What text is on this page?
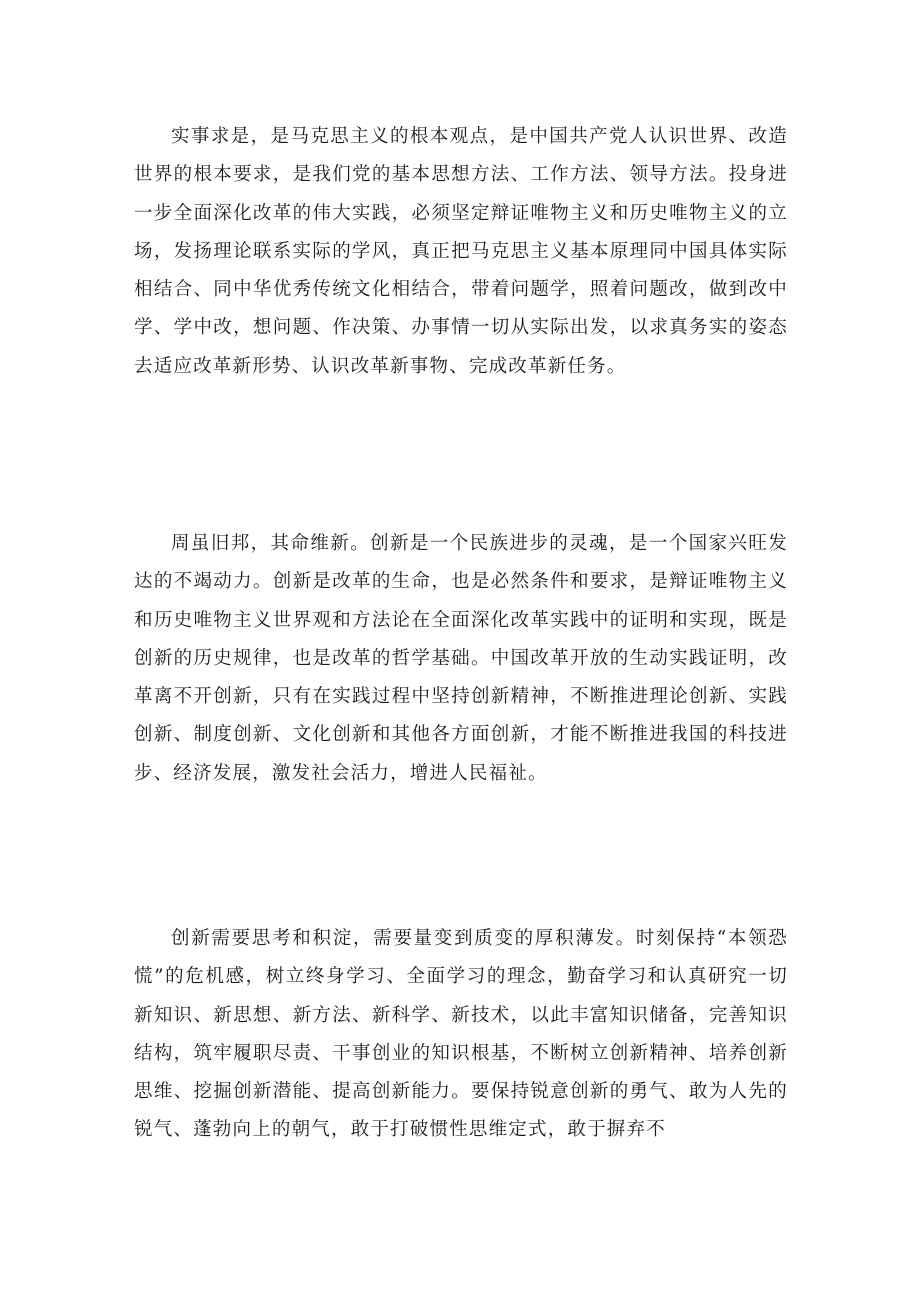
实事求是，是马克思主义的根本观点，是中国共产党人认识世界、改造世界的根本要求，是我们党的基本思想方法、工作方法、领导方法。投身进一步全面深化改革的伟大实践，必须坚定辩证唯物主义和历史唯物主义的立场，发扬理论联系实际的学风，真正把马克思主义基本原理同中国具体实际相结合、同中华优秀传统文化相结合，带着问题学，照着问题改，做到改中学、学中改，想问题、作决策、办事情一切从实际出发，以求真务实的姿态去适应改革新形势、认识改革新事物、完成改革新任务。

周虽旧邦，其命维新。创新是一个民族进步的灵魂，是一个国家兴旺发达的不竭动力。创新是改革的生命，也是必然条件和要求，是辩证唯物主义和历史唯物主义世界观和方法论在全面深化改革实践中的证明和实现，既是创新的历史规律，也是改革的哲学基础。中国改革开放的生动实践证明，改革离不开创新，只有在实践过程中坚持创新精神，不断推进理论创新、实践创新、制度创新、文化创新和其他各方面创新，才能不断推进我国的科技进步、经济发展，激发社会活力，增进人民福祉。

创新需要思考和积淀，需要量变到质变的厚积薄发。时刻保持“本领恐慌”的危机感，树立终身学习、全面学习的理念，勤奋学习和认真研究一切新知识、新思想、新方法、新科学、新技术，以此丰富知识储备，完善知识结构，筑牢履职尽责、干事创业的知识根基，不断树立创新精神、培养创新思维、挖掘创新潜能、提高创新能力。要保持锐意创新的勇气、敢为人先的锐气、蓬勃向上的朝气，敢于打破惯性思维定式，敢于摒弃不
